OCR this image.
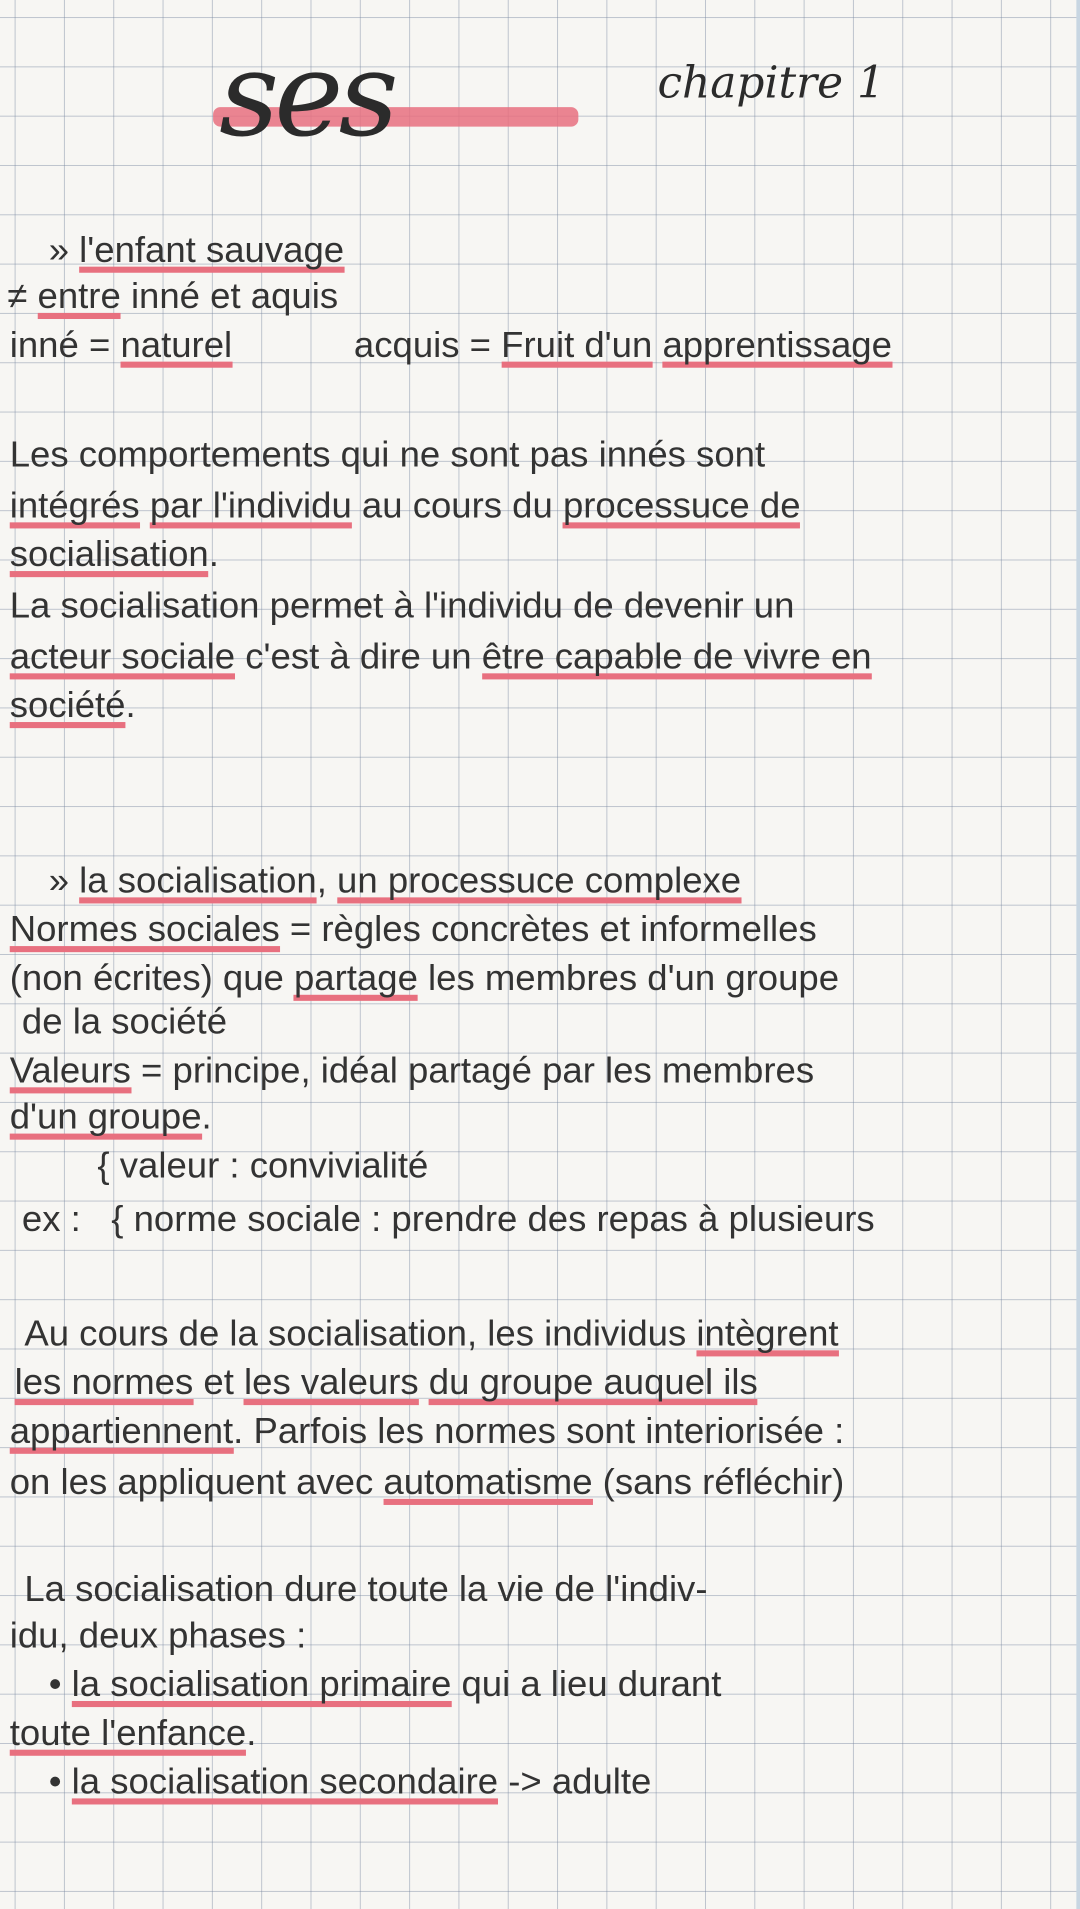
ses	chapitre 1
» l'enfant sauvage
≠ entre inné et aquis
inné = naturel            acquis = Fruit d'un apprentissage
Les comportements qui ne sont pas innés sont
intégrés par l'individu au cours du processuce de
socialisation.
La socialisation permet à l'individu de devenir un
acteur sociale c'est à dire un être capable de vivre en
société.
» la socialisation, un processuce complexe
Normes sociales = règles concrètes et informelles
(non écrites) que partage les membres d'un groupe
de la société
Valeurs = principe, idéal partagé par les membres
d'un groupe.
{ valeur : convivialité
ex :   { norme sociale : prendre des repas à plusieurs
Au cours de la socialisation, les individus intègrent
les normes et les valeurs du groupe auquel ils
appartiennent. Parfois les normes sont interiorisée :
on les appliquent avec automatisme (sans réfléchir)
La socialisation dure toute la vie de l'indiv-
idu, deux phases :
• la socialisation primaire qui a lieu durant
toute l'enfance.
• la socialisation secondaire -> adulte
